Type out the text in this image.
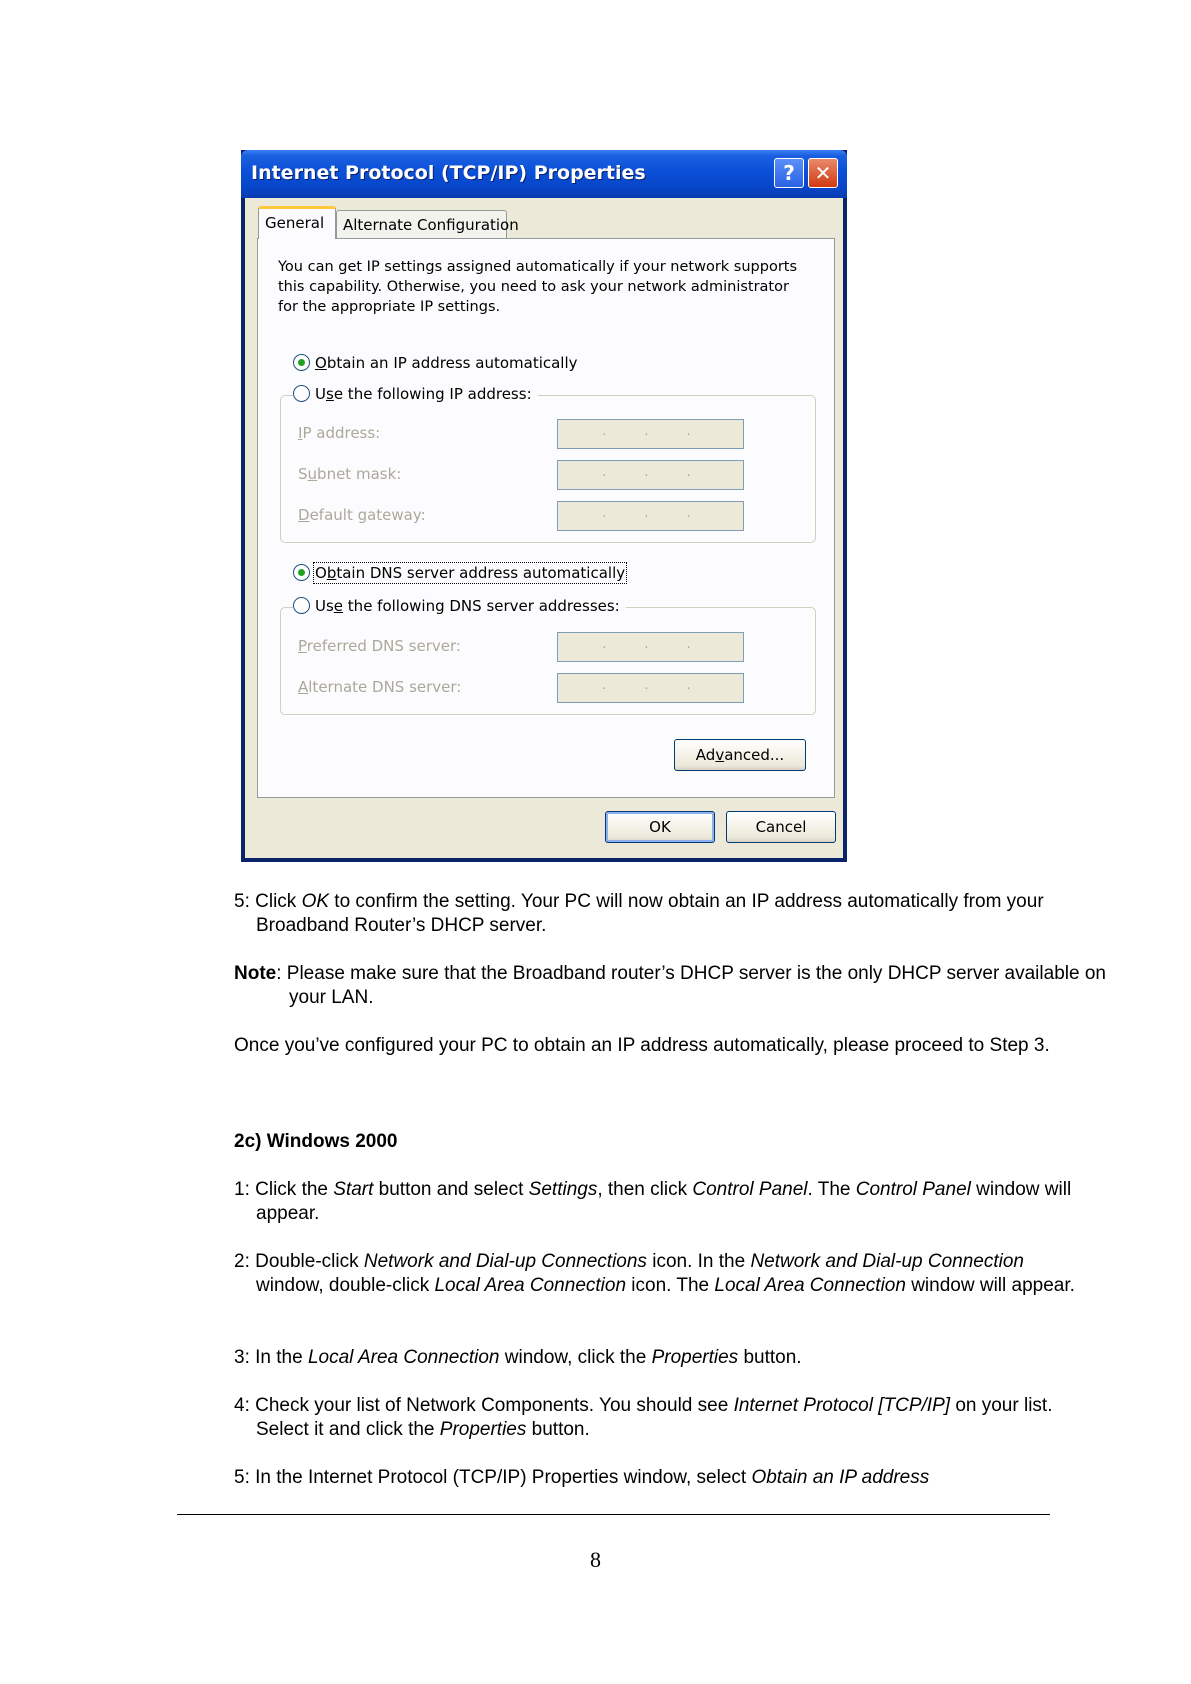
Internet Protocol (TCP/IP) Properties	? ✕
General	Alternate Configuration
You can get IP settings assigned automatically if your network supports this capability. Otherwise, you need to ask your network administrator for the appropriate IP settings.
Obtain an IP address automatically
Use the following IP address:
IP address:	...
Subnet mask:	...
Default gateway:	...
Obtain DNS server address automatically
Use the following DNS server addresses:
Preferred DNS server:	...
Alternate DNS server:	...
Advanced...
OK	Cancel
5: Click OK to confirm the setting. Your PC will now obtain an IP address automatically from your Broadband Router’s DHCP server.
Note: Please make sure that the Broadband router’s DHCP server is the only DHCP server available on your LAN.
Once you’ve configured your PC to obtain an IP address automatically, please proceed to Step 3.
2c) Windows 2000
1: Click the Start button and select Settings, then click Control Panel. The Control Panel window will appear.
2: Double-click Network and Dial-up Connections icon. In the Network and Dial-up Connection  window, double-click Local Area Connection icon. The Local Area Connection window will appear.
3: In the Local Area Connection window, click the Properties button.
4: Check your list of Network Components. You should see Internet Protocol [TCP/IP] on your list. Select it and click the Properties button.
5: In the Internet Protocol (TCP/IP) Properties window, select Obtain an IP address
8
